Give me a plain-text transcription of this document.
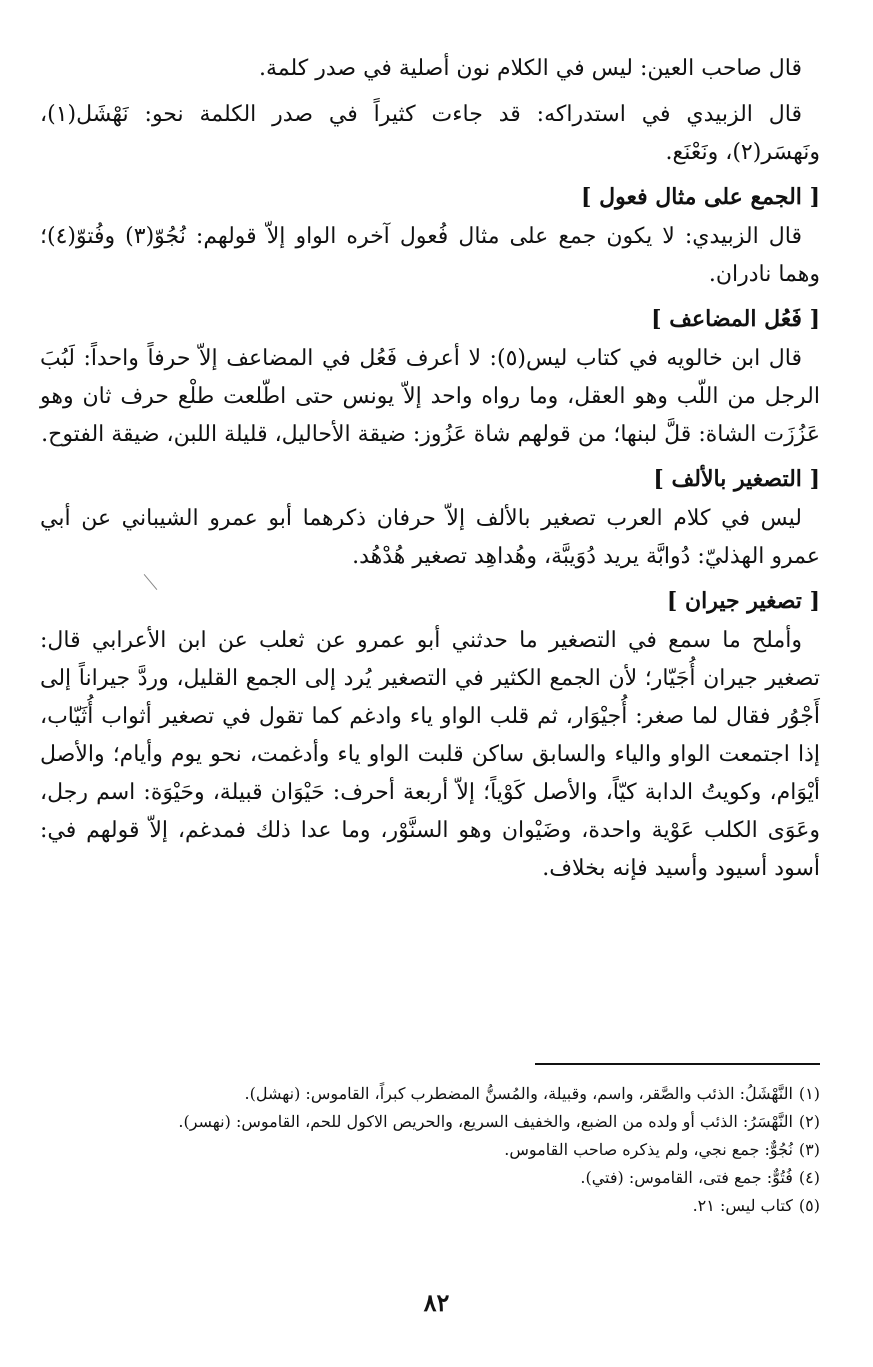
قال صاحب العين: ليس في الكلام نون أصلية في صدر كلمة.

قال الزبيدي في استدراكه: قد جاءت كثيراً في صدر الكلمة نحو: نَهْشَل(١)، ونَهسَر(٢)، ونَعْنَع.

[ الجمع على مثال فعول ]

قال الزبيدي: لا يكون جمع على مثال فُعول آخره الواو إلاّ قولهم: نُجُوّ(٣) وفُتوّ(٤)؛ وهما نادران.

[ فَعُل المضاعف ]

قال ابن خالويه في كتاب ليس(٥): لا أعرف فَعُل في المضاعف إلاّ حرفاً واحداً: لَبُبَ الرجل من اللّب وهو العقل، وما رواه واحد إلاّ يونس حتى اطّلعت طلْع حرف ثان وهو عَزُزَت الشاة: قلَّ لبنها؛ من قولهم شاة عَزُوز: ضيقة الأحاليل، قليلة اللبن، ضيقة الفتوح.

[ التصغير بالألف ]

ليس في كلام العرب تصغير بالألف إلاّ حرفان ذكرهما أبو عمرو الشيباني عن أبي عمرو الهذليّ: دُوابَّة يريد دُوَيبَّة، وهُداهِد تصغير هُدْهُد.

[ تصغير جيران ]

وأملح ما سمع في التصغير ما حدثني أبو عمرو عن ثعلب عن ابن الأعرابي قال: تصغير جيران أُجَيّار؛ لأن الجمع الكثير في التصغير يُرد إلى الجمع القليل، وردَّ جيراناً إلى أَجْوُر فقال لما صغر: أُجيْوَار، ثم قلب الواو ياء وادغم كما تقول في تصغير أثواب أُثَيّاب، إذا اجتمعت الواو والياء والسابق ساكن قلبت الواو ياء وأدغمت، نحو يوم وأيام؛ والأصل أيْوَام، وكويتُ الدابة كيّاً، والأصل كَوْياً؛ إلاّ أربعة أحرف: حَيْوَان قبيلة، وحَيْوَة: اسم رجل، وعَوَى الكلب عَوْية واحدة، وضَيْوان وهو السنَّوْر، وما عدا ذلك فمدغم، إلاّ قولهم في: أسود أسيود وأسيد فإنه بخلاف.

(١)النَّهْشَلُ: الذئب والصَّقر، واسم، وقبيلة، والمُسنُّ المضطرب كبراً، القاموس: (نهشل).
(٢)النَّهْسَرُ: الذئب أو ولده من الضبع، والخفيف السريع، والحريص الاكول للحم، القاموس: (نهسر).
(٣)نُجُوٌّ: جمع نجي، ولم يذكره صاحب القاموس.
(٤)فُتُوٌّ: جمع فتى، القاموس: (فتي).
(٥)كتاب ليس: ٢١.
٨٢
